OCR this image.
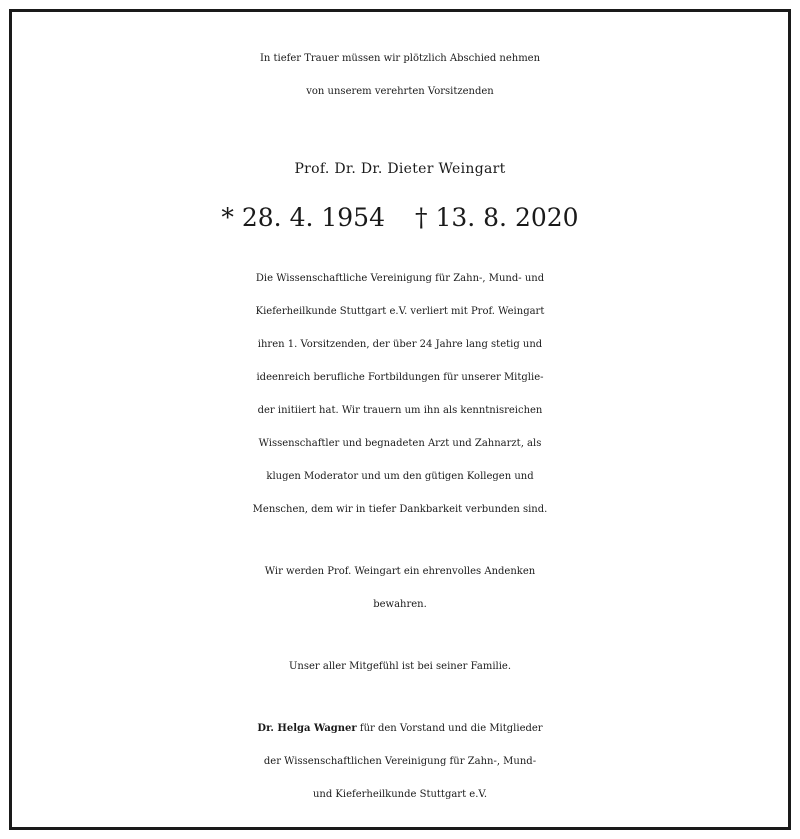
In tiefer Trauer müssen wir plötzlich Abschied nehmen
von unserem verehrten Vorsitzenden
Prof. Dr. Dr. Dieter Weingart
* 28. 4. 1954 † 13. 8. 2020

Die Wissenschaftliche Vereinigung für Zahn-, Mund- und
Kieferheilkunde Stuttgart e.V. verliert mit Prof. Weingart
ihren 1. Vorsitzenden, der über 24 Jahre lang stetig und
ideenreich berufliche Fortbildungen für unserer Mitglie-
der initiiert hat. Wir trauern um ihn als kenntnisreichen
Wissenschaftler und begnadeten Arzt und Zahnarzt, als
klugen Moderator und um den gütigen Kollegen und
Menschen, dem wir in tiefer Dankbarkeit verbunden sind.

Wir werden Prof. Weingart ein ehrenvolles Andenken
bewahren.

Unser aller Mitgefühl ist bei seiner Familie.

Dr. Helga Wagner für den Vorstand und die Mitglieder
der Wissenschaftlichen Vereinigung für Zahn-, Mund-
und Kieferheilkunde Stuttgart e.V.
